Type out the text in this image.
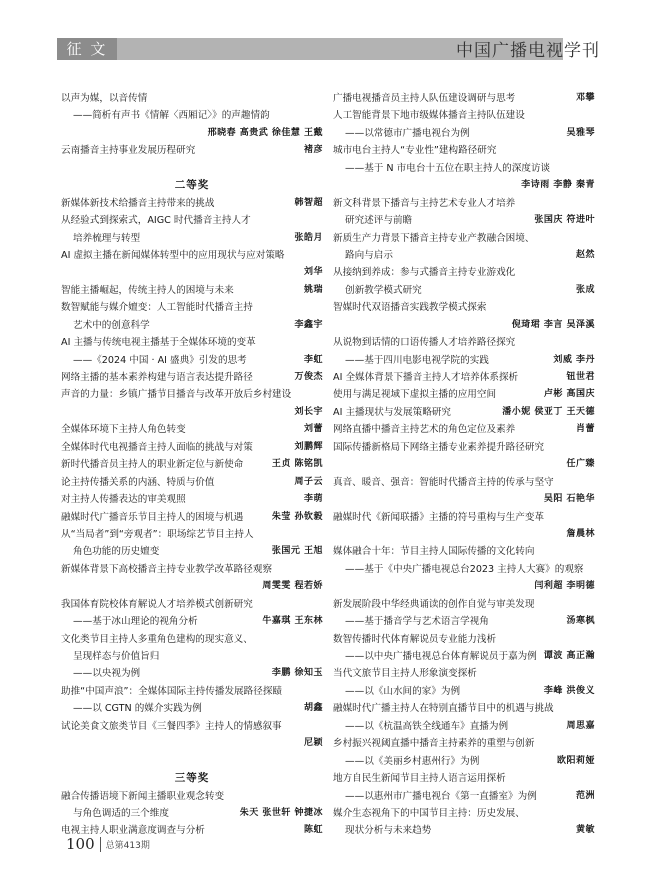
征 文	中国广播电视学刊
以声为媒，以音传情
——简析有声书《情解〈西厢记〉》的声趣情韵
邢晓春 高贵武 徐佳慧 王戴
云南播音主持事业发展历程研究	褚彦
二等奖
新媒体新技术给播音主持带来的挑战	韩智超
从经验式到探索式，AIGC 时代播音主持人才
培养梳理与转型	张皓月
AI 虚拟主播在新闻媒体转型中的应用现状与应对策略
刘华
智能主播崛起，传统主持人的困境与未来	姚瑞
数智赋能与媒介嬗变：人工智能时代播音主持
艺术中的创意科学	李鑫宇
AI 主播与传统电视主播基于全媒体环境的变革
——《2024 中国 · AI 盛典》引发的思考	李虹
网络主播的基本素养构建与语言表达提升路径	万俊杰
声音的力量：乡镇广播节目播音与改革开放后乡村建设
刘长宇
全媒体环境下主持人角色转变	刘蕾
全媒体时代电视播音主持人面临的挑战与对策	刘鹏辉
新时代播音员主持人的职业新定位与新使命	王贞 陈铭凯
论主持传播关系的内涵、特质与价值	周子云
对主持人传播表达的审美观照	李萌
融媒时代广播音乐节目主持人的困境与机遇	朱莹 孙钦毅
从“当局者”到“旁观者”：职场综艺节目主持人
角色功能的历史嬗变	张国元 王旭
新媒体背景下高校播音主持专业教学改革路径观察
周雯雯 程若娇
我国体育院校体育解说人才培养模式创新研究
——基于冰山理论的视角分析	牛嘉琪 王东林
文化类节目主持人多重角色建构的现实意义、
呈现样态与价值旨归
——以央视为例	李鹏 徐知玉
助推“中国声浪”：全媒体国际主持传播发展路径探赜
——以 CGTN 的媒介实践为例	胡鑫
试论美食文旅类节目《三餐四季》主持人的情感叙事
尼颖
三等奖
融合传播语境下新闻主播职业观念转变
与角色调适的三个维度	朱天 张世轩 钟捷冰
电视主持人职业满意度调查与分析	陈虹
广播电视播音员主持人队伍建设调研与思考	邓攀
人工智能背景下地市级媒体播音主持队伍建设
——以常德市广播电视台为例	吴雅琴
城市电台主持人“专业性”建构路径研究
——基于 N 市电台十五位在职主持人的深度访谈
李诗雨 李静 秦青
新文科背景下播音与主持艺术专业人才培养
研究述评与前瞻	张国庆 符进叶
新质生产力背景下播音主持专业产教融合困境、
路向与启示	赵然
从接纳到养成：参与式播音主持专业游戏化
创新教学模式研究	张成
智媒时代双语播音实践教学模式探索
倪琦珺 李言 吴泽溪
从说物到话情的口语传播人才培养路径探究
——基于四川电影电视学院的实践	刘威 李丹
AI 全媒体背景下播音主持人才培养体系探析	钮世君
使用与满足视域下虚拟主播的应用空间	卢彬 高国庆
AI 主播现状与发展策略研究	潘小妮 侯亚丁 王天德
网络直播中播音主持艺术的角色定位及素养	肖蕾
国际传播新格局下网络主播专业素养提升路径研究
任广臻
真音、暖音、强音：智能时代播音主持的传承与坚守
吴阳 石艳华
融媒时代《新闻联播》主播的符号重构与生产变革
詹晨林
媒体融合十年：节目主持人国际传播的文化转向
——基于《中央广播电视总台2023 主持人大赛》的观察
闫利超 李明德
新发展阶段中华经典诵读的创作自觉与审美发现
——基于播音学与艺术语言学视角	汤寒枫
数智传播时代体育解说员专业能力浅析
——以中央广播电视总台体育解说员于嘉为例 谭波 高正瀚
当代文旅节目主持人形象演变探析
——以《山水间的家》为例	李峰 洪俊义
融媒时代广播主持人在特别直播节目中的机遇与挑战
——以《杭温高铁全线通车》直播为例	周思嘉
乡村振兴视阈直播中播音主持素养的重塑与创新
——以《美丽乡村惠州行》为例	欧阳莉娅
地方自民生新闻节目主持人语言运用探析
——以惠州市广播电视台《第一直播室》为例	范洲
媒介生态视角下的中国节目主持：历史发展、
现状分析与未来趋势	黄敏
100 总第413期
